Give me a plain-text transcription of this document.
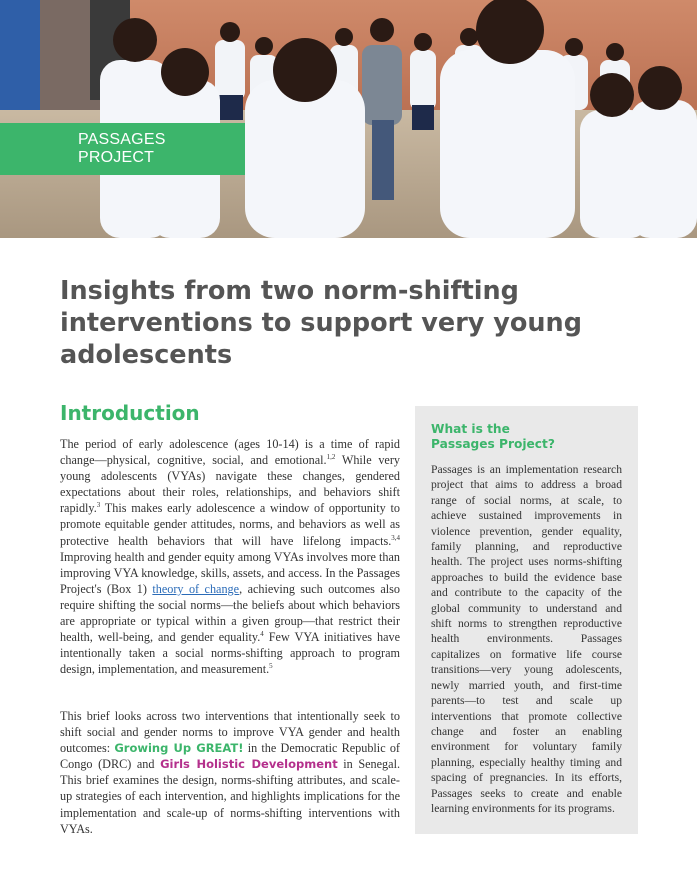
PASSAGES PROJECT
Insights from two norm-shifting interventions to support very young adolescents
Introduction

The period of early adolescence (ages 10-14) is a time of rapid change—physical, cognitive, social, and emotional.$^{1,2}$ While very young adolescents (VYAs) navigate these changes, gendered expectations about their roles, relationships, and behaviors shift rapidly.$^3$ This makes early adolescence a window of opportunity to promote equitable gender attitudes, norms, and behaviors as well as protective health behaviors that will have lifelong impacts.$^{3,4}$ Improving health and gender equity among VYAs involves more than improving VYA knowledge, skills, assets, and access. In the Passages Project's (Box 1) theory of change, achieving such outcomes also require shifting the social norms—the beliefs about which behaviors are appropriate or typical within a given group—that restrict their health, well-being, and gender equality.$^4$ Few VYA initiatives have intentionally taken a social norms-shifting approach to program design, implementation, and measurement.$^5$

This brief looks across two interventions that intentionally seek to shift social and gender norms to improve VYA gender and health outcomes: Growing Up GREAT! in the Democratic Republic of Congo (DRC) and Girls Holistic Development in Senegal. This brief examines the design, norms-shifting attributes, and scale-up strategies of each intervention, and highlights implications for the implementation and scale-up of norms-shifting interventions with VYAs.

What is the
Passages Project?

Passages is an implementation research project that aims to address a broad range of social norms, at scale, to achieve sustained improvements in violence prevention, gender equality, family planning, and reproductive health. The project uses norms-shifting approaches to build the evidence base and contribute to the capacity of the global community to understand and shift norms to strengthen reproductive health environments. Passages capitalizes on formative life course transitions—very young adolescents, newly married youth, and first-time parents—to test and scale up interventions that promote collective change and foster an enabling environment for voluntary family planning, especially healthy timing and spacing of pregnancies. In its efforts, Passages seeks to create and enable learning environments for its programs.
